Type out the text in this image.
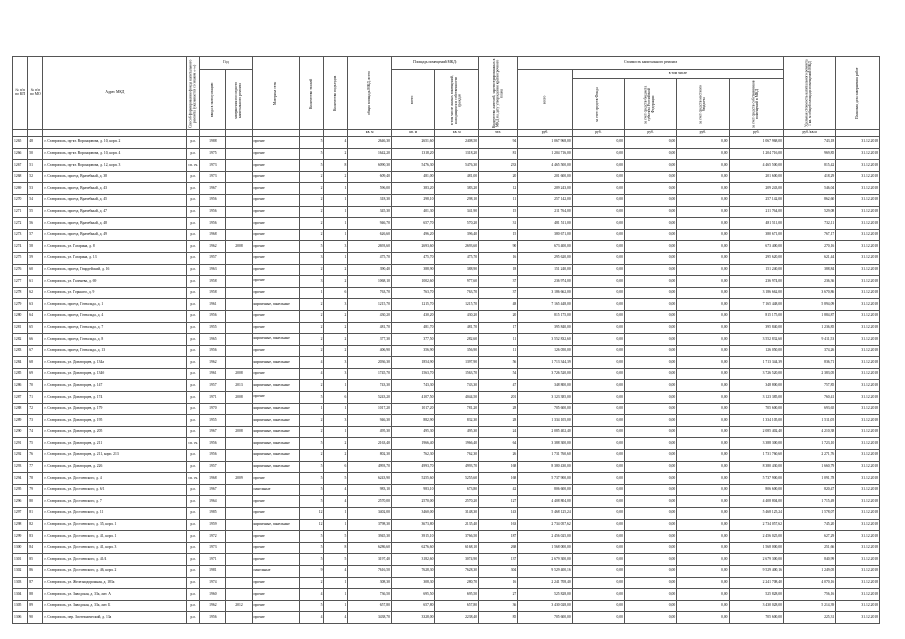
№ п/п по КП	№ п/п по МО	Адрес МКД	Способ формирования фонда капитального ремонта (указывается со знаком «+»)	Год		Материал стен	Количество этажей	Количество подъездов	общая площадь МКД, всего	Площадь помещений МКД:		Количество жителей, зарегистрированных в МКД на дату утверждения краткосрочного плана	Стоимость капитального ремонта					Удельная стоимость капитального ремонта 1 кв. м общей площади помещений МКД	Плановая дата завершения работ
				ввода в эксплуатацию	завершения последнего капитального ремонта					всего	в том числе жилых помещений, находящихся в собственности граждан		всего	в том числе					
														за счет средств Фонда	за счет средств бюджета субъекта Российской Федерации	за счет средств местного бюджета	за счет средств собственников помещений в МКД		
									кв. м	кв. м	кв. м	чел.	руб.	руб.	руб.	руб.	руб.	руб./кв.м	
1265	48	г. Ставрополь, пр-кт. Воронцовова, д. 10, корп. 2	р.о.	1988		прочие	5	4	2646,30	2651,60	2408,50	94	1 067 968,00	0,00	0,00	0,00	1 067 968,00	743,18	31.12.2018
1266	50	г. Ставрополь, пр-кт. Воронцовова, д. 10, корп. 4	р.о.	1975		прочие	5	2	1642,20	1318,20	1318,20	81	1 204 716,00	0,00	0,00	0,00	1 204 716,00	969,85	31.12.2018
1267	51	г. Ставрополь, пр-кт. Воронцовова, д. 12, корп. 3	сп. сч.	1973		прочие	5	8	6090,30	5476,30	5476,30	233	4 465 500,00	0,00	0,00	0,00	4 465 500,00	815,42	31.12.2018
1268	52	г. Ставрополь, проезд. Врачебный, д. 38	р.о.	1973		прочие	2	2	609,40	481,00	481,00	20	201 600,00	0,00	0,00	0,00	201 600,00	418,29	31.12.2018
1269	53	г. Ставрополь, проезд. Врачебный, д. 43	р.о.	1967		прочие	2	1	596,00	383,20	383,20	12	209 243,00	0,00	0,00	0,00	209 243,00	546,04	31.12.2018
1270	54	г. Ставрополь, проезд. Врачебный, д. 45	р.о.	1956		прочие	2	1	318,30	298,10	298,10	11	257 142,00	0,00	0,00	0,00	257 142,00	862,60	31.12.2018
1271	55	г. Ставрополь, проезд. Врачебный, д. 47	р.о.	1956		прочие	2	1	345,30	401,30	341,90	15	211 764,00	0,00	0,00	0,00	211 764,00	529,08	31.12.2018
1272	56	г. Ставрополь, проезд. Врачебный, д. 48	р.о.	1956		прочие	2	1	946,70	657,70	570,20	31	481 511,00	0,00	0,00	0,00	481 511,00	732,11	31.12.2018
1273	57	г. Ставрополь, проезд. Врачебный, д. 49	р.о.	1968		прочие	2	1	626,60	496,20	396,40	15	380 671,00	0,00	0,00	0,00	380 671,00	767,17	31.12.2018
1274	58	г. Ставрополь, ул. Гагарина, д. 8	р.о.	1962	2008	прочие	5	3	2693,60	2693,60	2693,60	90	673 400,00	0,00	0,00	0,00	673 400,00	270,16	31.12.2018
1275	59	г. Ставрополь, ул. Гагарина, д. 13	р.о.	1957		прочие	3	1	475,70	475,70	475,70	16	295 620,00	0,00	0,00	0,00	295 620,00	621,44	31.12.2018
1276	60	г. Ставрополь, проезд. Гвардейский, д. 16	р.о.	1963		прочие	2	2	390,40	388,90	388,90	18	151 240,00	0,00	0,00	0,00	151 240,00	388,84	31.12.2018
1277	61	г. Ставрополь, ул. Голенева, д. 69	р.о.	1958		прочие	3	2	1068,10	1002,60	977,60	37	236 974,00	0,00	0,00	0,00	236 974,00	236,36	31.12.2018
1278	62	г. Ставрополь, ул. Горького, д. 9	р.о.	1958		прочие	1	6	763,70	763,70	763,70	37	3 186 662,00	0,00	0,00	0,00	3 186 662,00	3 670,86	31.12.2018
1279	63	г. Ставрополь, проезд. Готвальда, д. 1	р.о.	1961		кирпичные, панельные	2	3	1215,70	1215,70	1215,70	48	7 165 448,00	0,00	0,00	0,00	7 165 448,00	5 894,09	31.12.2018
1280	64	г. Ставрополь, проезд. Готвальда, д. 4	р.о.	1956		прочие	2	2	430,20	430,20	430,20	20	815 175,00	0,00	0,00	0,00	815 175,00	1 884,87	31.12.2018
1281	65	г. Ставрополь, проезд. Готвальда, д. 7	р.о.	1955		прочие	2	2	481,70	481,70	481,70	17	395 840,00	0,00	0,00	0,00	395 840,00	1 236,85	31.12.2018
1282	66	г. Ставрополь, проезд. Готвальда, д. 8	р.о.	1965		кирпичные, панельные	2	2	377,30	377,50	282,60	11	3 552 832,60	0,00	0,00	0,00	3 552 832,60	9 411,53	31.12.2018
1283	67	г. Ставрополь, проезд. Готвальда, д. 13	р.о.	1956		прочие	2	2	406,90	356,90	356,90	11	126 050,00	0,00	0,00	0,00	126 050,00	374,26	31.12.2018
1284	68	г. Ставрополь, ул. Доваторцев, д. 134а	р.о.	1962		кирпичные, панельные	4	3	2036,30	1854,90	1397,90	56	1 713 344,39	0,00	0,00	0,00	1 713 344,39	836,71	31.12.2018
1285	69	г. Ставрополь, ул. Доваторцев, д. 134б	р.о.	1961	2008	прочие	4	3	1745,70	1563,70	1563,70	54	3 726 520,00	0,00	0,00	0,00	3 726 520,00	2 383,05	31.12.2018
1286	70	г. Ставрополь, ул. Доваторцев, д. 147	р.о.	1957	2013	кирпичные, панельные	2	1	743,30	743,30	743,30	47	348 800,00	0,00	0,00	0,00	348 800,00	757,85	31.12.2018
1287	71	г. Ставрополь, ул. Доваторцев, д. 174	р.о.	1971	2008	прочие	5	6	5243,20	4107,50	4044,50	201	3 123 385,00	0,00	0,00	0,00	3 123 385,00	760,41	31.12.2018
1288	72	г. Ставрополь, ул. Доваторцев, д. 179	р.о.	1970		кирпичные, панельные	1	1	1017,20	1017,20	781,20	28	705 600,00	0,00	0,00	0,00	705 600,00	693,65	31.12.2018
1289	73	г. Ставрополь, ул. Доваторцев, д. 195	р.о.	1955		кирпичные, панельные	2	3	946,30	882,90	832,30	28	1 334 105,00	0,00	0,00	0,00	1 334 105,00	1 511,05	31.12.2018
1290	74	г. Ставрополь, ул. Доваторцев, д. 205	р.о.	1967	2008	кирпичные, панельные	2	1	495,30	495,30	495,30	24	2 085 402,40	0,00	0,00	0,00	2 085 402,40	4 210,38	31.12.2018
1291	75	г. Ставрополь, ул. Доваторцев, д. 211	сп. сч.	1956		кирпичные, панельные	5	2	2163,40	1966,40	1966,40	64	3 388 300,00	0,00	0,00	0,00	3 388 300,00	1 723,10	31.12.2018
1292	76	г. Ставрополь, ул. Доваторцев, д. 211, корп. 213	р.о.	1956		кирпичные, панельные	2	2	802,30	762,30	762,30	26	1 731 760,60	0,00	0,00	0,00	1 731 760,60	2 271,76	31.12.2018
1293	77	г. Ставрополь, ул. Доваторцев, д. 226	р.о.	1957		кирпичные, панельные	5	6	4993,70	4993,70	4993,70	168	8 380 430,00	0,00	0,00	0,00	8 380 430,00	1 660,79	31.12.2018
1294	78	г. Ставрополь, ул. Достоевского, д. 4	сп. сч.	1968	2009	прочие	5	5	6243,90	5255,60	5255,60	168	5 737 900,00	0,00	0,00	0,00	5 737 900,00	1 091,78	31.12.2018
1295	79	г. Ставрополь, ул. Достоевского, д. 6/1	р.о.	1967		панельные	5	4	983,10	983,10	673,80	42	806 600,00	0,00	0,00	0,00	806 600,00	820,47	31.12.2018
1296	80	г. Ставрополь, ул. Достоевского, д. 7	р.о.	1964		прочие	5	4	2570,00	2570,00	2570,20	127	4 408 804,00	0,00	0,00	0,00	4 408 804,00	1 715,49	31.12.2018
1297	81	г. Ставрополь, ул. Достоевского, д. 11	р.о.	1985		прочие	12	1	3402,00	3460,00	3148,30	143	5 468 125,24	0,00	0,00	0,00	5 468 125,24	1 578,07	31.12.2018
1298	82	г. Ставрополь, ул. Достоевского, д. 35, корп. 1	р.о.	1959		кирпичные, панельные	12	1	3798,30	3673,80	2135,40	163	2 734 057,62	0,00	0,00	0,00	2 734 057,62	745,20	31.12.2018
1299	83	г. Ставрополь, ул. Достоевского, д. 41, корп. 1	р.о.	1972		прочие	5	5	3945,30	3915,10	3766,50	187	2 456 025,00	0,00	0,00	0,00	2 456 025,00	627,29	31.12.2018
1300	84	г. Ставрополь, ул. Достоевского, д. 41, корп. 3	р.о.	1973		прочие	5	8	6286,60	6276,60	6168,10	268	1 568 000,00	0,00	0,00	0,00	1 568 000,00	251,66	31.12.2018
1301	85	г. Ставрополь, ул. Достоевского, д. 41/4	р.о.	1971		прочие	5	5	3197,40	3182,60	3074,90	137	2 679 300,00	0,00	0,00	0,00	2 679 300,00	840,99	31.12.2018
1302	86	г. Ставрополь, ул. Достоевского, д. 46, корп. 2	р.о.	1981		панельные	9	4	7616,50	7628,30	7628,30	304	9 529 400,16	0,00	0,00	0,00	9 529 400,16	1 249,05	31.12.2018
1303	87	г. Ставрополь, ул. Железнодорожная, д. 183а	р.о.	1974		прочие	2	1	308,30	308,30	280,70	16	2 241 708,40	0,00	0,00	0,00	2 241 708,40	4 070,16	31.12.2018
1304	88	г. Ставрополь, ул. Заводская, д. 33а, лит. А	р.о.	1960		прочие	4	1	736,50	695,50	695,50	27	525 828,00	0,00	0,00	0,00	525 828,00	756,16	31.12.2018
1305	89	г. Ставрополь, ул. Заводская, д. 33а, лит. Б	р.о.	1962	2012	прочие	5	1	657,80	657,80	657,80	36	3 430 028,00	0,00	0,00	0,00	3 430 028,00	5 214,39	31.12.2018
1306	90	г. Ставрополь, пер. Зоотехнический, д. 13а	р.о.	1956		прочие	4	4	3438,70	3328,00	2238,40	85	705 600,00	0,00	0,00	0,00	705 600,00	225,31	31.12.2018
